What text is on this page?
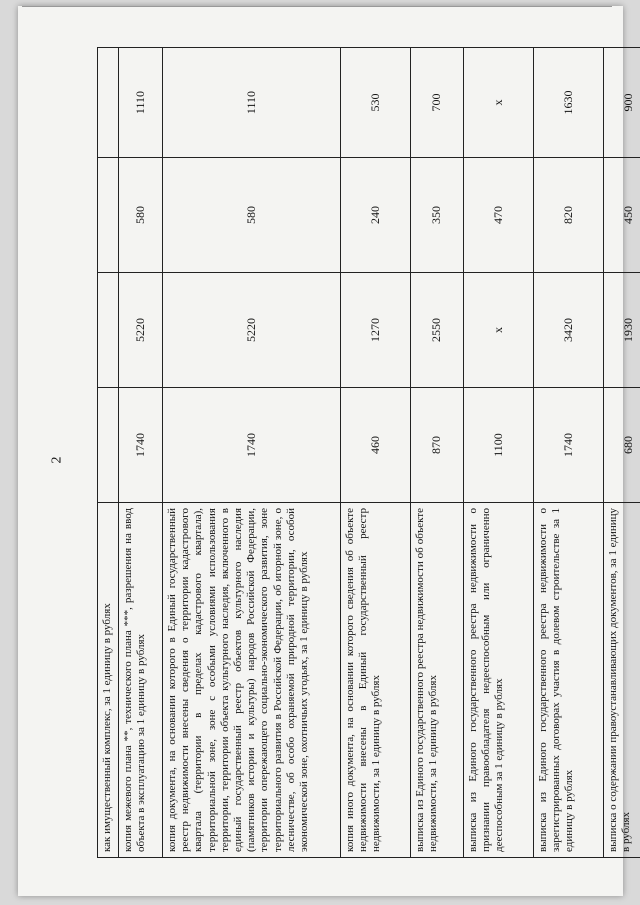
2
как имущественный комплекс, за 1 единицу в рублях				
копия межевого плана **, технического плана ***, разрешения на ввод объекта в эксплуатацию за 1 единицу в рублях	1740	5220	580	1110
копия документа, на основании которого в Единый государственный реестр недвижимости внесены сведения о территории кадастрового квартала (территории в пределах кадастрового квартала), территориальной зоне, зоне с особыми условиями использования территории, территории объекта культурного наследия, включенного в единый государственный реестр объектов культурного наследия (памятников истории и культуры) народов Российской Федерации, территории опережающего социально-экономического развития, зоне территориального развития в Российской Федерации, об игорной зоне, о лесничестве, об особо охраняемой природной территории, особой экономической зоне, охотничьих угодьях, за 1 единицу в рублях	1740	5220	580	1110
копия иного документа, на основании которого сведения об объекте недвижимости внесены в Единый государственный реестр недвижимости, за 1 единицу в рублях	460	1270	240	530
выписка из Единого государственного реестра недвижимости об объекте недвижимости, за 1 единицу в рублях	870	2550	350	700
выписка из Единого государственного реестра недвижимости о признании правообладателя недееспособным или ограниченно дееспособным за 1 единицу в рублях	1100	х	470	х
выписка из Единого государственного реестра недвижимости о зарегистрированных договорах участия в долевом строительстве за 1 единицу в рублях	1740	3420	820	1630
выписка о содержании правоустанавливающих документов, за 1 единицу в рублях	680	1930	450	900
